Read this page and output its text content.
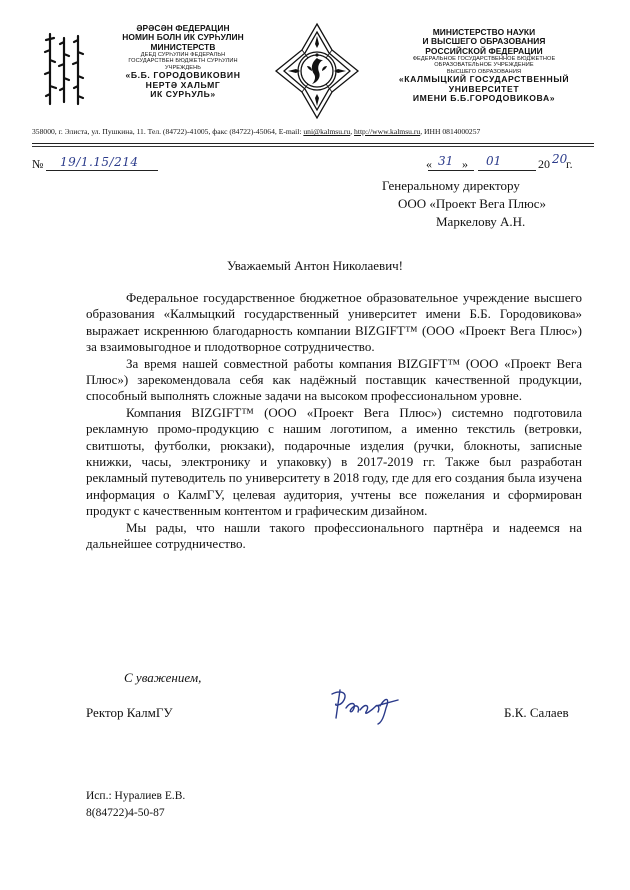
ӘРӘСӘН ФЕДЕРАЦИН
НОМИН БОЛН ИК СУРҺУЛИН
МИНИСТЕРСТВ
ДЕЕД СУРҺУЛИН ФЕДЕРАЛЬН
ГОСУДАРСТВЕН БЮДЖЕТН СУРҺУЛИН
УЧРЕЖДЕНЬ
«Б.Б. ГОРОДОВИКОВИН
НЕРТӘ ХАЛЬМГ
ИК СУРҺУЛЬ»
МИНИСТЕРСТВО НАУКИ
И ВЫСШЕГО ОБРАЗОВАНИЯ
РОССИЙСКОЙ ФЕДЕРАЦИИ
ФЕДЕРАЛЬНОЕ ГОСУДАРСТВЕННОЕ БЮДЖЕТНОЕ
ОБРАЗОВАТЕЛЬНОЕ УЧРЕЖДЕНИЕ
ВЫСШЕГО ОБРАЗОВАНИЯ
«КАЛМЫЦКИЙ ГОСУДАРСТВЕННЫЙ
УНИВЕРСИТЕТ
ИМЕНИ Б.Б.ГОРОДОВИКОВА»
358000, г. Элиста, ул. Пушкина, 11. Тел. (84722)-41005, факс (84722)-45064, E-mail: uni@kalmsu.ru, http://www.kalmsu.ru, ИНН 0814000257
№ 19/1.15/214	« 31 » 01	20 20
г.
Генеральному директору
ООО «Проект Вега Плюс»
Маркелову А.Н.
Уважаемый Антон Николаевич!

Федеральное государственное бюджетное образовательное учреждение высшего образования «Калмыцкий государственный университет имени Б.Б. Городовикова» выражает искреннюю благодарность компании BIZGIFT™ (ООО «Проект Вега Плюс») за взаимовыгодное и плодотворное сотрудничество.

За время нашей совместной работы компания BIZGIFT™ (ООО «Проект Вега Плюс») зарекомендовала себя как надёжный поставщик качественной продукции, способный выполнять сложные задачи на высоком профессиональном уровне.

Компания BIZGIFT™ (ООО «Проект Вега Плюс») системно подготовила рекламную промо-продукцию с нашим логотипом, а именно текстиль (ветровки, свитшоты, футболки, рюкзаки), подарочные изделия (ручки, блокноты, записные книжки, часы, электронику и упаковку) в 2017-2019 гг. Также был разработан рекламный путеводитель по университету в 2018 году, где для его создания была изучена информация о КалмГУ, целевая аудитория, учтены все пожелания и сформирован продукт с качественным контентом и графическим дизайном.

Мы рады, что нашли такого профессионального партнёра и надеемся на дальнейшее сотрудничество.

С уважением,
Ректор КалмГУ	Б.К. Салаев
Исп.: Нуралиев Е.В.
8(84722)4-50-87
